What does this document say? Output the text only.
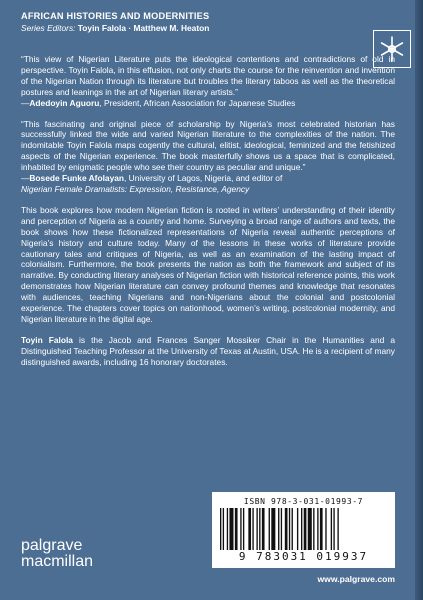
AFRICAN HISTORIES AND MODERNITIES
Series Editors: Toyin Falola · Matthew M. Heaton
“This view of Nigerian Literature puts the ideological contentions and contradictions of old in perspective. Toyin Falola, in this effusion, not only charts the course for the reinvention and invention of the Nigerian Nation through its literature but troubles the literary taboos as well as the theoretical postures and leanings in the art of Nigerian literary artists.”
—Adedoyin Aguoru, President, African Association for Japanese Studies
“This fascinating and original piece of scholarship by Nigeria’s most celebrated historian has successfully linked the wide and varied Nigerian literature to the complexities of the nation. The indomitable Toyin Falola maps cogently the cultural, elitist, ideological, feminized and the fetishized aspects of the Nigerian experience. The book masterfully shows us a space that is complicated, inhabited by enigmatic people who see their country as peculiar and unique.”
—Bosede Funke Afolayan, University of Lagos, Nigeria, and editor of
Nigerian Female Dramatists: Expression, Resistance, Agency

This book explores how modern Nigerian fiction is rooted in writers’ understanding of their identity and perception of Nigeria as a country and home. Surveying a broad range of authors and texts, the book shows how these fictionalized representations of Nigeria reveal authentic perceptions of Nigeria’s history and culture today. Many of the lessons in these works of literature provide cautionary tales and critiques of Nigeria, as well as an examination of the lasting impact of colonialism. Furthermore, the book presents the nation as both the framework and subject of its narrative. By conducting literary analyses of Nigerian fiction with historical reference points, this work demonstrates how Nigerian literature can convey profound themes and knowledge that resonates with audiences, teaching Nigerians and non-Nigerians about the colonial and postcolonial experience. The chapters cover topics on nationhood, women’s writing, postcolonial modernity, and Nigerian literature in the digital age.

Toyin Falola is the Jacob and Frances Sanger Mossiker Chair in the Humanities and a Distinguished Teaching Professor at the University of Texas at Austin, USA. He is a recipient of many distinguished awards, including 16 honorary doctorates.

ISBN 978-3-031-01993-7
9 783031 019937
palgrave
macmillan
www.palgrave.com
